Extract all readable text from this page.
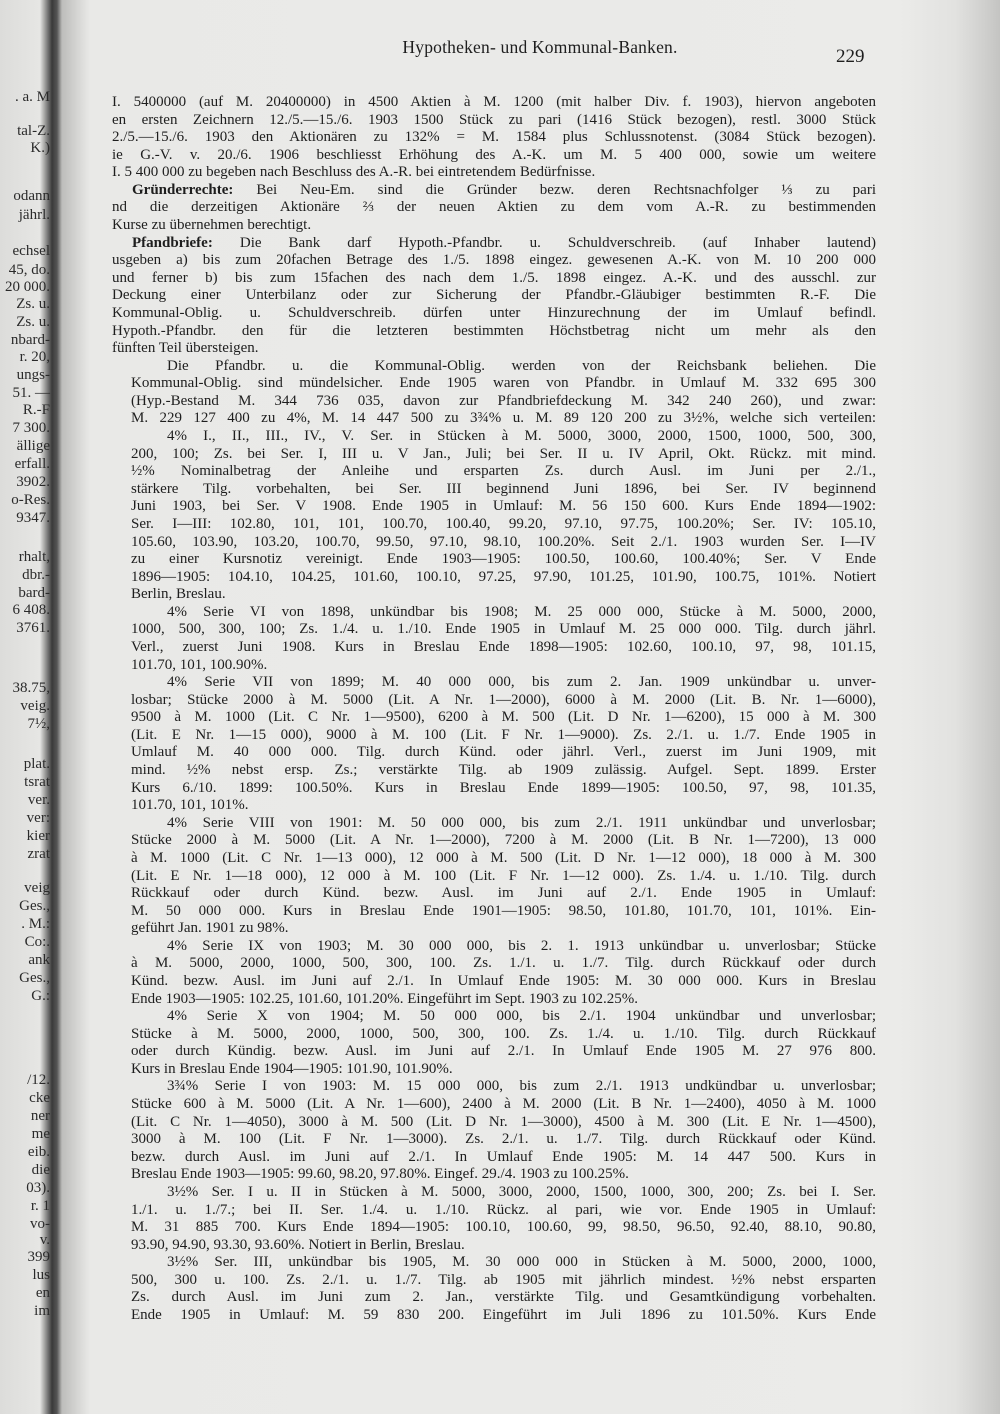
Hypotheken- und Kommunal-Banken.	229
I. 5400000 (auf M. 20400000) in 4500 Aktien à M. 1200 (mit halber Div. f. 1903), hiervon angeboten
en ersten Zeichnern 12./5.—15./6. 1903 1500 Stück zu pari (1416 Stück bezogen), restl. 3000 Stück
2./5.—15./6. 1903 den Aktionären zu 132% = M. 1584 plus Schlussnotenst. (3084 Stück bezogen).
ie G.-V. v. 20./6. 1906 beschliesst Erhöhung des A.-K. um M. 5 400 000, sowie um weitere
I. 5 400 000 zu begeben nach Beschluss des A.-R. bei eintretendem Bedürfnisse.
Gründerrechte: Bei Neu-Em. sind die Gründer bezw. deren Rechtsnachfolger ⅓ zu pari
nd die derzeitigen Aktionäre ⅔ der neuen Aktien zu dem vom A.-R. zu bestimmenden
Kurse zu übernehmen berechtigt.
Pfandbriefe: Die Bank darf Hypoth.-Pfandbr. u. Schuldverschreib. (auf Inhaber lautend)
usgeben a) bis zum 20fachen Betrage des 1./5. 1898 eingez. gewesenen A.-K. von M. 10 200 000
und ferner b) bis zum 15fachen des nach dem 1./5. 1898 eingez. A.-K. und des ausschl. zur
Deckung einer Unterbilanz oder zur Sicherung der Pfandbr.-Gläubiger bestimmten R.-F. Die
Kommunal-Oblig. u. Schuldverschreib. dürfen unter Hinzurechnung der im Umlauf befindl.
Hypoth.-Pfandbr. den für die letzteren bestimmten Höchstbetrag nicht um mehr als den
fünften Teil übersteigen.
Die Pfandbr. u. die Kommunal-Oblig. werden von der Reichsbank beliehen. Die
Kommunal-Oblig. sind mündelsicher. Ende 1905 waren von Pfandbr. in Umlauf M. 332 695 300
(Hyp.-Bestand M. 344 736 035, davon zur Pfandbriefdeckung M. 342 240 260), und zwar:
M. 229 127 400 zu 4%, M. 14 447 500 zu 3¾% u. M. 89 120 200 zu 3½%, welche sich verteilen:
4% I., II., III., IV., V. Ser. in Stücken à M. 5000, 3000, 2000, 1500, 1000, 500, 300,
200, 100; Zs. bei Ser. I, III u. V Jan., Juli; bei Ser. II u. IV April, Okt. Rückz. mit mind.
½% Nominalbetrag der Anleihe und ersparten Zs. durch Ausl. im Juni per 2./1.,
stärkere Tilg. vorbehalten, bei Ser. III beginnend Juni 1896, bei Ser. IV beginnend
Juni 1903, bei Ser. V 1908. Ende 1905 in Umlauf: M. 56 150 600. Kurs Ende 1894—1902:
Ser. I—III: 102.80, 101, 101, 100.70, 100.40, 99.20, 97.10, 97.75, 100.20%; Ser. IV: 105.10,
105.60, 103.90, 103.20, 100.70, 99.50, 97.10, 98.10, 100.20%. Seit 2./1. 1903 wurden Ser. I—IV
zu einer Kursnotiz vereinigt. Ende 1903—1905: 100.50, 100.60, 100.40%; Ser. V Ende
1896—1905: 104.10, 104.25, 101.60, 100.10, 97.25, 97.90, 101.25, 101.90, 100.75, 101%. Notiert
Berlin, Breslau.
4% Serie VI von 1898, unkündbar bis 1908; M. 25 000 000, Stücke à M. 5000, 2000,
1000, 500, 300, 100; Zs. 1./4. u. 1./10. Ende 1905 in Umlauf M. 25 000 000. Tilg. durch jährl.
Verl., zuerst Juni 1908. Kurs in Breslau Ende 1898—1905: 102.60, 100.10, 97, 98, 101.15,
101.70, 101, 100.90%.
4% Serie VII von 1899; M. 40 000 000, bis zum 2. Jan. 1909 unkündbar u. unver-
losbar; Stücke 2000 à M. 5000 (Lit. A Nr. 1—2000), 6000 à M. 2000 (Lit. B. Nr. 1—6000),
9500 à M. 1000 (Lit. C Nr. 1—9500), 6200 à M. 500 (Lit. D Nr. 1—6200), 15 000 à M. 300
(Lit. E Nr. 1—15 000), 9000 à M. 100 (Lit. F Nr. 1—9000). Zs. 2./1. u. 1./7. Ende 1905 in
Umlauf M. 40 000 000. Tilg. durch Künd. oder jährl. Verl., zuerst im Juni 1909, mit
mind. ½% nebst ersp. Zs.; verstärkte Tilg. ab 1909 zulässig. Aufgel. Sept. 1899. Erster
Kurs 6./10. 1899: 100.50%. Kurs in Breslau Ende 1899—1905: 100.50, 97, 98, 101.35,
101.70, 101, 101%.
4% Serie VIII von 1901: M. 50 000 000, bis zum 2./1. 1911 unkündbar und unverlosbar;
Stücke 2000 à M. 5000 (Lit. A Nr. 1—2000), 7200 à M. 2000 (Lit. B Nr. 1—7200), 13 000
à M. 1000 (Lit. C Nr. 1—13 000), 12 000 à M. 500 (Lit. D Nr. 1—12 000), 18 000 à M. 300
(Lit. E Nr. 1—18 000), 12 000 à M. 100 (Lit. F Nr. 1—12 000). Zs. 1./4. u. 1./10. Tilg. durch
Rückkauf oder durch Künd. bezw. Ausl. im Juni auf 2./1. Ende 1905 in Umlauf:
M. 50 000 000. Kurs in Breslau Ende 1901—1905: 98.50, 101.80, 101.70, 101, 101%. Ein-
geführt Jan. 1901 zu 98%.
4% Serie IX von 1903; M. 30 000 000, bis 2. 1. 1913 unkündbar u. unverlosbar; Stücke
à M. 5000, 2000, 1000, 500, 300, 100. Zs. 1./1. u. 1./7. Tilg. durch Rückkauf oder durch
Künd. bezw. Ausl. im Juni auf 2./1. In Umlauf Ende 1905: M. 30 000 000. Kurs in Breslau
Ende 1903—1905: 102.25, 101.60, 101.20%. Eingeführt im Sept. 1903 zu 102.25%.
4% Serie X von 1904; M. 50 000 000, bis 2./1. 1904 unkündbar und unverlosbar;
Stücke à M. 5000, 2000, 1000, 500, 300, 100. Zs. 1./4. u. 1./10. Tilg. durch Rückkauf
oder durch Kündig. bezw. Ausl. im Juni auf 2./1. In Umlauf Ende 1905 M. 27 976 800.
Kurs in Breslau Ende 1904—1905: 101.90, 101.90%.
3¾% Serie I von 1903: M. 15 000 000, bis zum 2./1. 1913 undkündbar u. unverlosbar;
Stücke 600 à M. 5000 (Lit. A Nr. 1—600), 2400 à M. 2000 (Lit. B Nr. 1—2400), 4050 à M. 1000
(Lit. C Nr. 1—4050), 3000 à M. 500 (Lit. D Nr. 1—3000), 4500 à M. 300 (Lit. E Nr. 1—4500),
3000 à M. 100 (Lit. F Nr. 1—3000). Zs. 2./1. u. 1./7. Tilg. durch Rückkauf oder Künd.
bezw. durch Ausl. im Juni auf 2./1. In Umlauf Ende 1905: M. 14 447 500. Kurs in
Breslau Ende 1903—1905: 99.60, 98.20, 97.80%. Eingef. 29./4. 1903 zu 100.25%.
3½% Ser. I u. II in Stücken à M. 5000, 3000, 2000, 1500, 1000, 300, 200; Zs. bei I. Ser.
1./1. u. 1./7.; bei II. Ser. 1./4. u. 1./10. Rückz. al pari, wie vor. Ende 1905 in Umlauf:
M. 31 885 700. Kurs Ende 1894—1905: 100.10, 100.60, 99, 98.50, 96.50, 92.40, 88.10, 90.80,
93.90, 94.90, 93.30, 93.60%. Notiert in Berlin, Breslau.
3½% Ser. III, unkündbar bis 1905, M. 30 000 000 in Stücken à M. 5000, 2000, 1000,
500, 300 u. 100. Zs. 2./1. u. 1./7. Tilg. ab 1905 mit jährlich mindest. ½% nebst ersparten
Zs. durch Ausl. im Juni zum 2. Jan., verstärkte Tilg. und Gesamtkündigung vorbehalten.
Ende 1905 in Umlauf: M. 59 830 200. Eingeführt im Juli 1896 zu 101.50%. Kurs Ende
. a. M
tal-Z.
K.)
odann
jährl.
echsel
45, do.
20 000.
Zs. u.
Zs. u.
nbard-
r. 20,
ungs-
51. —
R.-F
7 300.
ällige
erfall.
3902.
o-Res.
9347.
rhalt,
dbr.-
bard-
6 408.
3761.
38.75,
veig.
7½,
plat.
tsrat
ver.
ver:
kier
zrat
veig
Ges.,
. M.:
Co:.
ank
Ges.,
G.:
/12.
cke
ner
me
eib.
die
03).
r. 1
vo-
v.
399
lus
en
im
